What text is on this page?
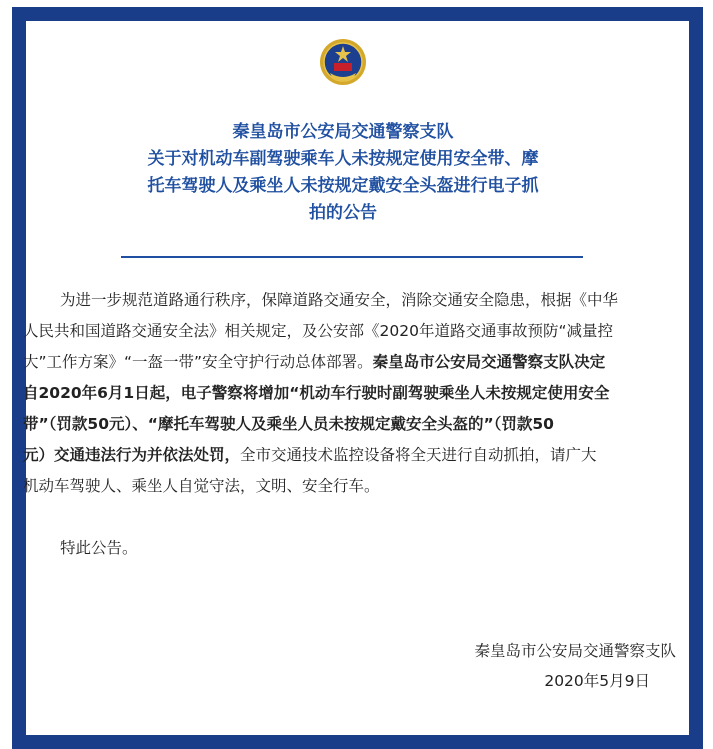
秦皇岛市公安局交通警察支队
关于对机动车副驾驶乘车人未按规定使用安全带、摩
托车驾驶人及乘坐人未按规定戴安全头盔进行电子抓
拍的公告
为进一步规范道路通行秩序，保障道路交通安全，消除交通安全隐患，根据《中华
人民共和国道路交通安全法》相关规定，及公安部《2020年道路交通事故预防“减量控
大”工作方案》“一盔一带”安全守护行动总体部署。秦皇岛市公安局交通警察支队决定
自2020年6月1日起，电子警察将增加“机动车行驶时副驾驶乘坐人未按规定使用安全
带”（罚款50元）、“摩托车驾驶人及乘坐人员未按规定戴安全头盔的”（罚款50
元）交通违法行为并依法处罚，全市交通技术监控设备将全天进行自动抓拍，请广大
机动车驾驶人、乘坐人自觉守法，文明、安全行车。
特此公告。
秦皇岛市公安局交通警察支队
2020年5月9日
